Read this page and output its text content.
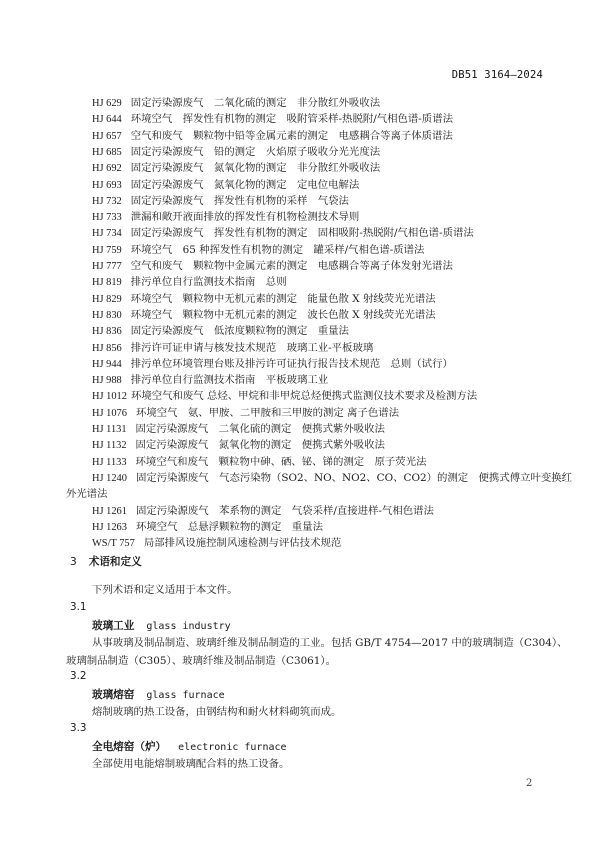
DB51 3164—2024
HJ 629 固定污染源废气　二氧化硫的测定　非分散红外吸收法
HJ 644 环境空气　挥发性有机物的测定　吸附管采样-热脱附/气相色谱-质谱法
HJ 657 空气和废气　颗粒物中铅等金属元素的测定　电感耦合等离子体质谱法
HJ 685 固定污染源废气　铅的测定　火焰原子吸收分光光度法
HJ 692 固定污染源废气　氮氧化物的测定　非分散红外吸收法
HJ 693 固定污染源废气　氮氧化物的测定　定电位电解法
HJ 732 固定污染源废气　挥发性有机物的采样　气袋法
HJ 733 泄漏和敞开液面排放的挥发性有机物检测技术导则
HJ 734 固定污染源废气　挥发性有机物的测定　固相吸附-热脱附/气相色谱-质谱法
HJ 759 环境空气　65 种挥发性有机物的测定　罐采样/气相色谱-质谱法
HJ 777 空气和废气　颗粒物中金属元素的测定　电感耦合等离子体发射光谱法
HJ 819 排污单位自行监测技术指南　总则
HJ 829 环境空气　颗粒物中无机元素的测定　能量色散 X 射线荧光光谱法
HJ 830 环境空气　颗粒物中无机元素的测定　波长色散 X 射线荧光光谱法
HJ 836 固定污染源废气　低浓度颗粒物的测定　重量法
HJ 856 排污许可证申请与核发技术规范　玻璃工业-平板玻璃
HJ 944 排污单位环境管理台账及排污许可证执行报告技术规范　总则（试行）
HJ 988 排污单位自行监测技术指南　平板玻璃工业
HJ 1012 环境空气和废气 总烃、甲烷和非甲烷总烃便携式监测仪技术要求及检测方法
HJ 1076 环境空气　氨、甲胺、二甲胺和三甲胺的测定 离子色谱法
HJ 1131 固定污染源废气　二氧化硫的测定　便携式紫外吸收法
HJ 1132 固定污染源废气　氮氧化物的测定　便携式紫外吸收法
HJ 1133 环境空气和废气　颗粒物中砷、硒、铋、锑的测定　原子荧光法
HJ 1240 固定污染源废气　气态污染物（SO2、NO、NO2、CO、CO2）的测定　便携式傅立叶变换红
外光谱法
HJ 1261 固定污染源废气　苯系物的测定　气袋采样/直接进样-气相色谱法
HJ 1263 环境空气　总悬浮颗粒物的测定　重量法
WS/T 757 局部排风设施控制风速检测与评估技术规范
3 术语和定义
下列术语和定义适用于本文件。
3.1
玻璃工业 glass industry
从事玻璃及制品制造、玻璃纤维及制品制造的工业。包括 GB/T 4754—2017 中的玻璃制造（C304）、
玻璃制品制造（C305）、玻璃纤维及制品制造（C3061）。
3.2
玻璃熔窑 glass furnace
熔制玻璃的热工设备，由钢结构和耐火材料砌筑而成。
3.3
全电熔窑（炉） electronic furnace
全部使用电能熔制玻璃配合料的热工设备。
2
